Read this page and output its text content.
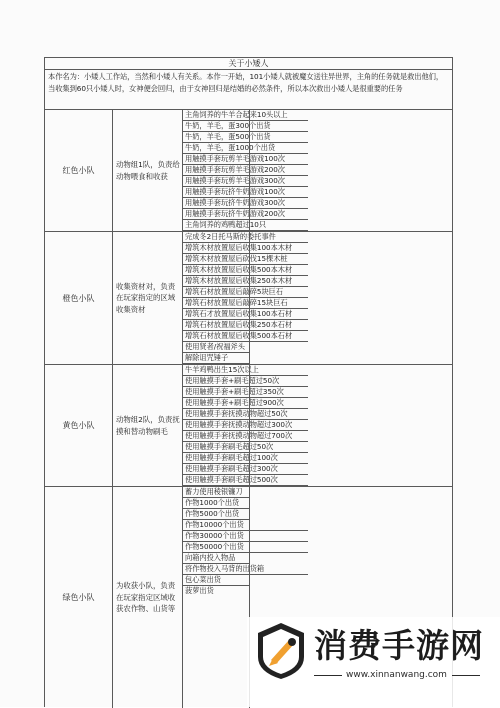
关于小矮人
本作名为：小矮人工作站，当然和小矮人有关系。本作一开始，101小矮人就被魔女送往异世界，主角的任务就是救出他们，当收集到60只小矮人时，女神便会回归，由于女神回归是结婚的必然条件，所以本次救出小矮人是很重要的任务
红色小队
动物组1队，负责给动物喂食和收获
主角饲养的牛羊合起来10头以上
牛奶，羊毛，蛋300个出货
牛奶，羊毛，蛋500个出货
牛奶，羊毛，蛋1000个出货
用触摸手套玩剪羊毛游戏100次
用触摸手套玩剪羊毛游戏200次
用触摸手套玩剪羊毛游戏300次
用触摸手套玩挤牛奶游戏100次
用触摸手套玩挤牛奶游戏300次
用触摸手套玩挤牛奶游戏200次
主角饲养的鸡鸭超过10只
橙色小队
收集资材对，负责在玩家指定的区域收集资材
完成冬2日托马斯的委托事件
增筑木材放置屋后收集100本木材
增筑木材放置屋后砍伐15棵木桩
增筑木材放置屋后收集500本木材
增筑木材放置屋后收集250本木材
增筑石材放置屋后敲碎5块巨石
增筑石材放置屋后敲碎15块巨石
增筑石才放置屋后收集100本石材
增筑石材放置屋后收集250本石材
增筑石材放置屋后收集500本石材
使用贤者/祝福斧头
解除诅咒锤子
黄色小队
动物组2队，负责抚摸和替动物刷毛
牛羊鸡鸭出生15次以上
使用触摸手套+刷毛超过50次
使用触摸手套+刷毛超过350次
使用触摸手套+刷毛超过900次
使用触摸手套抚摸动物超过50次
使用触摸手套抚摸动物超过300次
使用触摸手套抚摸动物超过700次
使用触摸手套刷毛超过50次
使用触摸手套刷毛超过100次
使用触摸手套刷毛超过300次
使用触摸手套刷毛超过500次
绿色小队
为收获小队，负责在玩家指定区域收获农作物、山货等
蓄力使用稜银镰刀
作物1000个出货
作物5000个出货
作物10000个出货
作物30000个出货
作物50000个出货
向箱内投入物品
将作物投入马背的出货箱
包心菜出货
菠萝出货
消费手游网
www.xinnanwang.com
